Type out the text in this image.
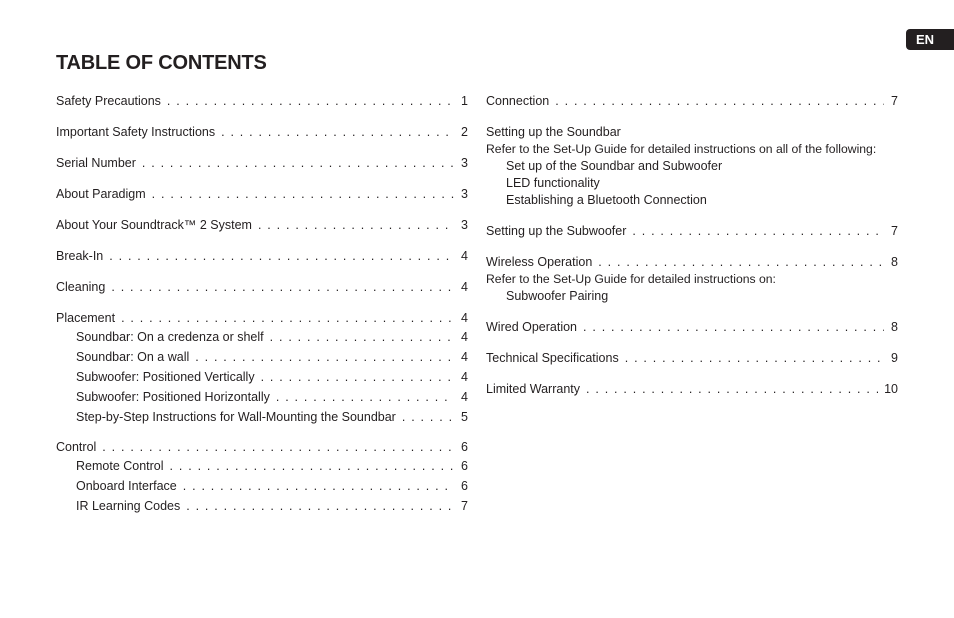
EN
TABLE OF CONTENTS
Safety Precautions . . .	1
Important Safety Instructions . . .	2
Serial Number . . .	3
About Paradigm . . .	3
About Your Soundtrack™ 2 System . . .	3
Break-In . . .	4
Cleaning . . .	4
Placement . . .	4
Soundbar: On a credenza or shelf . . .	4
Soundbar: On a wall . . .	4
Subwoofer: Positioned Vertically . . .	4
Subwoofer: Positioned Horizontally . . .	4
Step-by-Step Instructions for Wall-Mounting the Soundbar . . .	5
Control . . .	6
Remote Control . . .	6
Onboard Interface . . .	6
IR Learning Codes . . .	7
Connection . . .	7
Setting up the Soundbar
Refer to the Set-Up Guide for detailed instructions on all of the following:
Set up of the Soundbar and Subwoofer
LED functionality
Establishing a Bluetooth Connection
Setting up the Subwoofer . . .	7
Wireless Operation . . .	8
Refer to the Set-Up Guide for detailed instructions on:
Subwoofer Pairing
Wired Operation . . .	8
Technical Specifications . . .	9
Limited Warranty . . .	10
